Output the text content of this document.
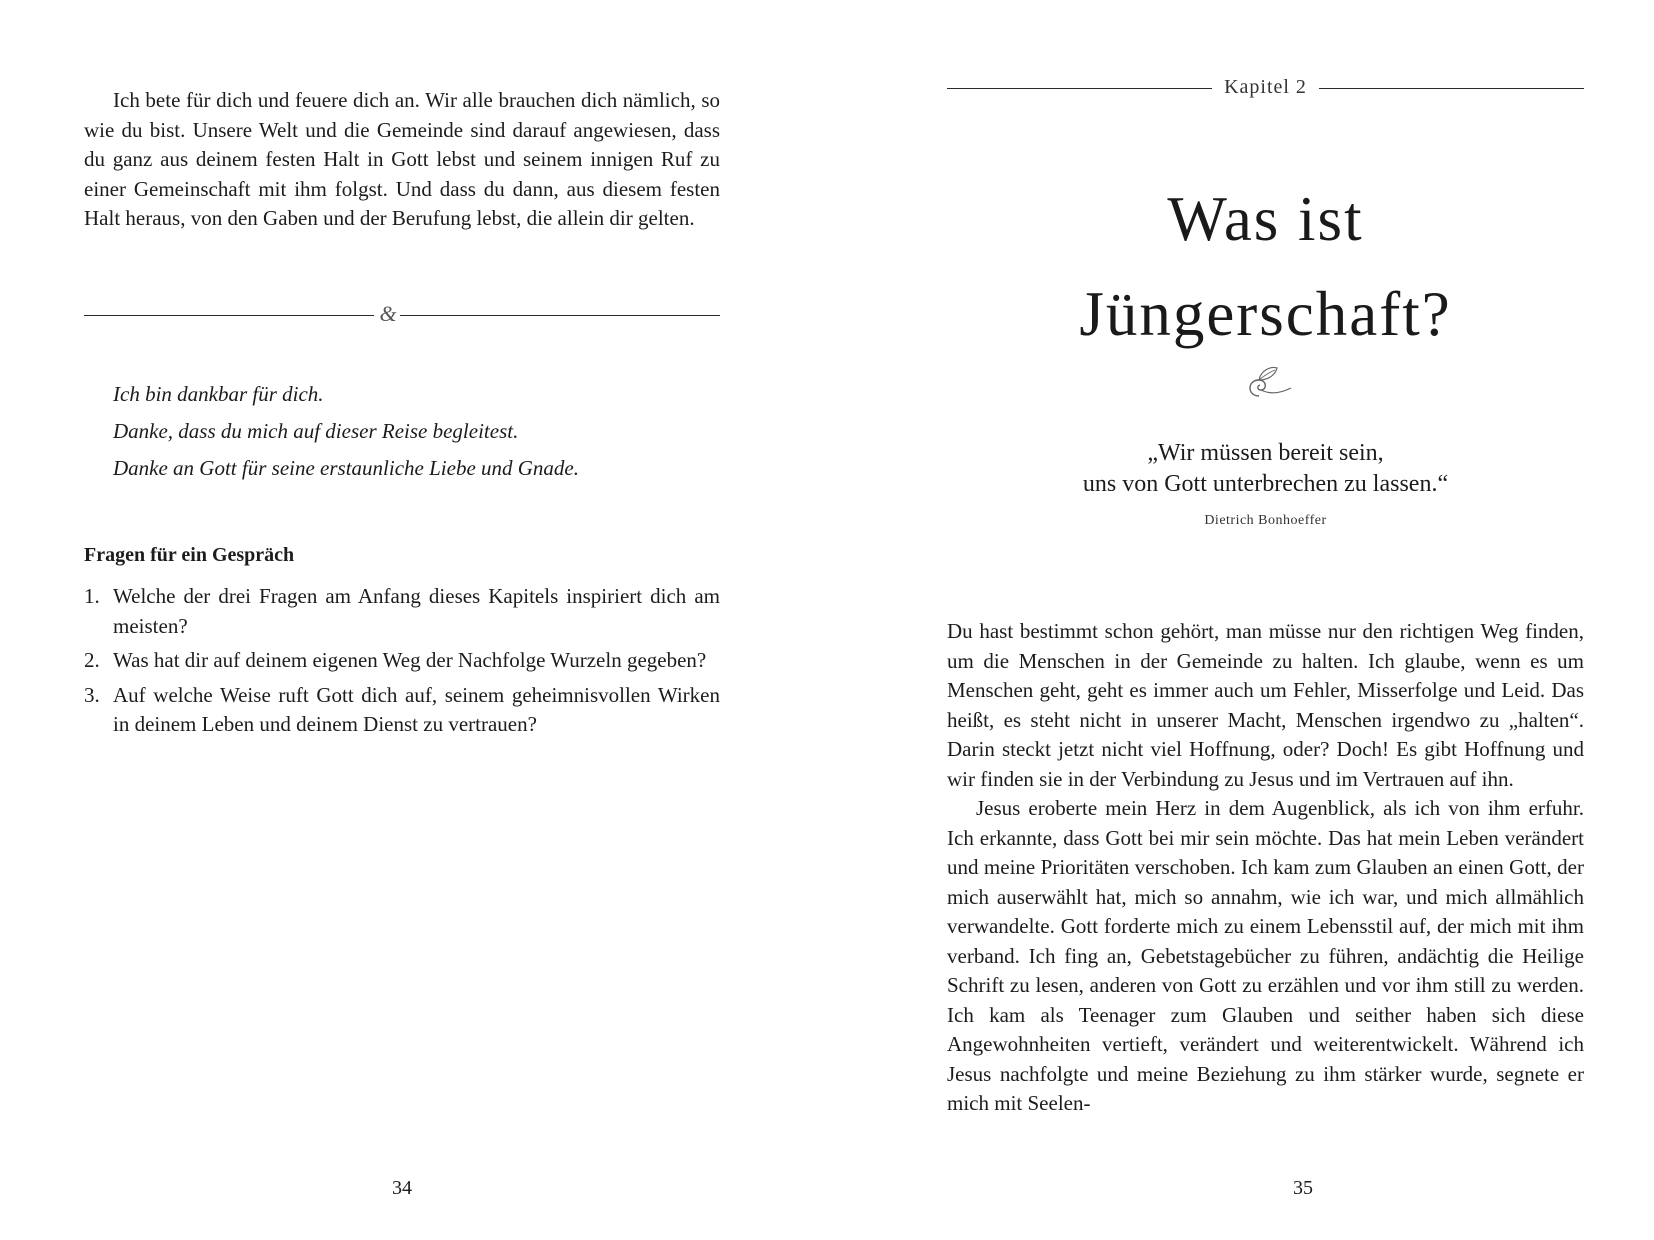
Ich bete für dich und feuere dich an. Wir alle brauchen dich nämlich, so wie du bist. Unsere Welt und die Gemeinde sind darauf angewiesen, dass du ganz aus deinem festen Halt in Gott lebst und seinem innigen Ruf zu einer Gemeinschaft mit ihm folgst. Und dass du dann, aus diesem festen Halt heraus, von den Gaben und der Berufung lebst, die allein dir gelten.

&
Ich bin dankbar für dich.
Danke, dass du mich auf dieser Reise begleitest.
Danke an Gott für seine erstaunliche Liebe und Gnade.
Fragen für ein Gespräch
1. Welche der drei Fragen am Anfang dieses Kapitels inspiriert dich am meisten?
2. Was hat dir auf deinem eigenen Weg der Nachfolge Wurzeln gegeben?
3. Auf welche Weise ruft Gott dich auf, seinem geheimnisvollen Wirken in deinem Leben und deinem Dienst zu vertrauen?
34
Kapitel 2
Was ist
Jüngerschaft?

„Wir müssen bereit sein,
uns von Gott unterbrechen zu lassen.“

Dietrich Bonhoeffer

Du hast bestimmt schon gehört, man müsse nur den richtigen Weg finden, um die Menschen in der Gemeinde zu halten. Ich glaube, wenn es um Menschen geht, geht es immer auch um Fehler, Misserfolge und Leid. Das heißt, es steht nicht in unserer Macht, Menschen irgendwo zu „halten“. Darin steckt jetzt nicht viel Hoffnung, oder? Doch! Es gibt Hoffnung und wir finden sie in der Verbindung zu Jesus und im Vertrauen auf ihn.

Jesus eroberte mein Herz in dem Augenblick, als ich von ihm erfuhr. Ich erkannte, dass Gott bei mir sein möchte. Das hat mein Leben verändert und meine Prioritäten verschoben. Ich kam zum Glauben an einen Gott, der mich auserwählt hat, mich so annahm, wie ich war, und mich allmählich verwandelte. Gott forderte mich zu einem Lebensstil auf, der mich mit ihm verband. Ich fing an, Gebetstagebücher zu führen, andächtig die Heilige Schrift zu lesen, anderen von Gott zu erzählen und vor ihm still zu werden. Ich kam als Teenager zum Glauben und seither haben sich diese Angewohnheiten vertieft, verändert und weiterentwickelt. Während ich Jesus nachfolgte und meine Beziehung zu ihm stärker wurde, segnete er mich mit Seelen-

35
